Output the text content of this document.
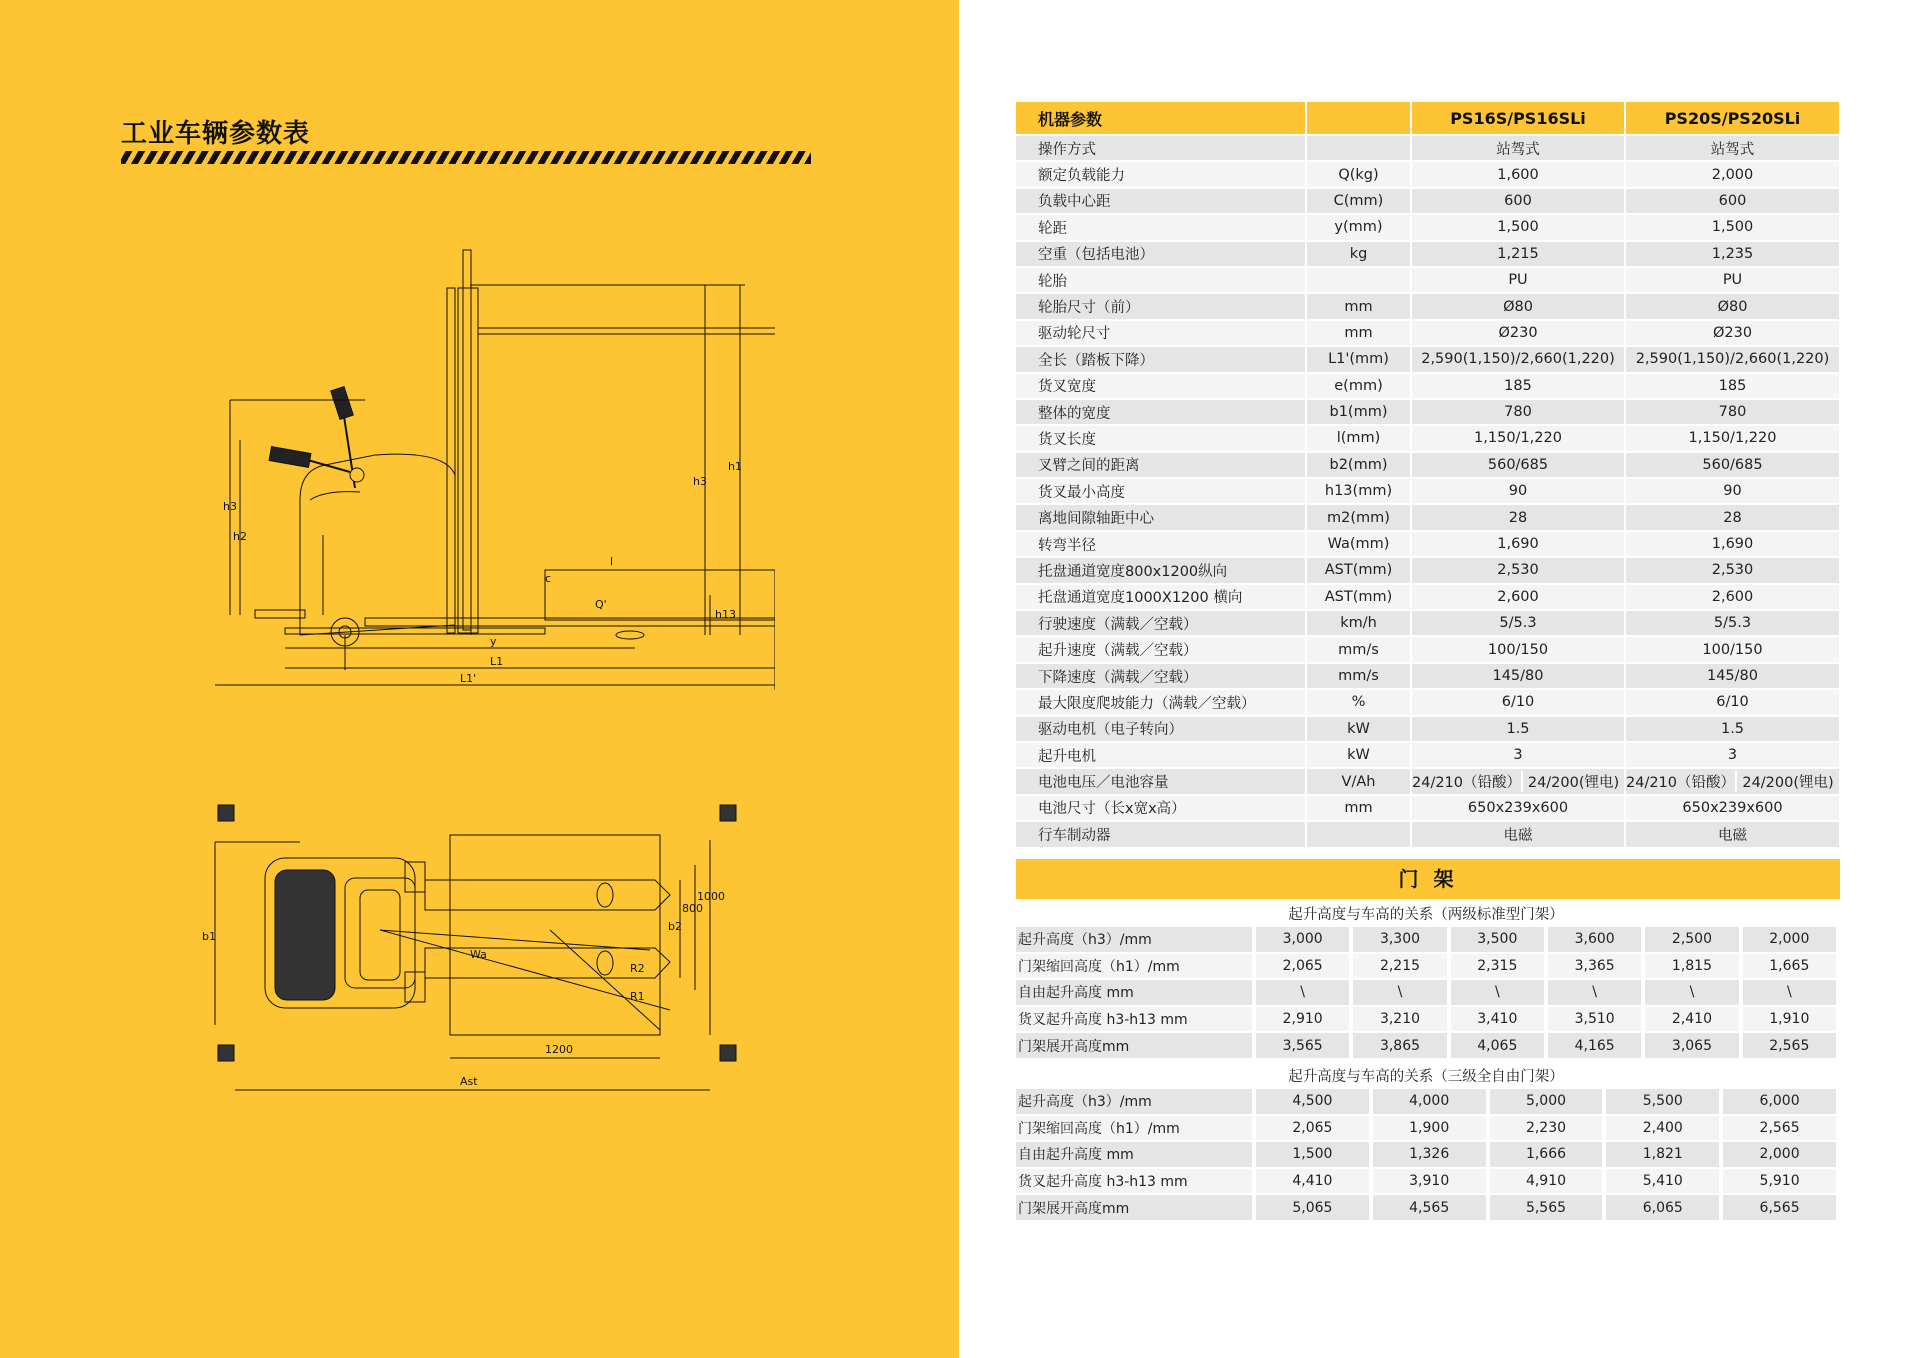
工业车辆参数表
h3
h2
h1
h3
c
l
Q'
h13
y
L1
L1'
b1
Wa
R2
R1
b2
800
1000
1200
Ast
机器参数		PS16S/PS16SLi	PS20S/PS20SLi
操作方式		站驾式	站驾式
额定负载能力	Q(kg)	1,600	2,000
负载中心距	C(mm)	600	600
轮距	y(mm)	1,500	1,500
空重（包括电池）	kg	1,215	1,235
轮胎		PU	PU
轮胎尺寸（前）	mm	Ø80	Ø80
驱动轮尺寸	mm	Ø230	Ø230
全长（踏板下降）	L1'(mm)	2,590(1,150)/2,660(1,220)	2,590(1,150)/2,660(1,220)
货叉宽度	e(mm)	185	185
整体的宽度	b1(mm)	780	780
货叉长度	l(mm)	1,150/1,220	1,150/1,220
叉臂之间的距离	b2(mm)	560/685	560/685
货叉最小高度	h13(mm)	90	90
离地间隙轴距中心	m2(mm)	28	28
转弯半径	Wa(mm)	1,690	1,690
托盘通道宽度800x1200纵向	AST(mm)	2,530	2,530
托盘通道宽度1000X1200 横向	AST(mm)	2,600	2,600
行驶速度（满载／空载）	km/h	5/5.3	5/5.3
起升速度（满载／空载）	mm/s	100/150	100/150
下降速度（满载／空载）	mm/s	145/80	145/80
最大限度爬坡能力（满载／空载）	%	6/10	6/10
驱动电机（电子转向）	kW	1.5	1.5
起升电机	kW	3	3
电池电压／电池容量	V/Ah	24/210（铅酸） 24/200(锂电)	24/210（铅酸） 24/200(锂电)

电池尺寸（长x宽x高）	mm	650x239x600	650x239x600
行车制动器		电磁	电磁
门 架
起升高度与车高的关系（两级标准型门架）						
起升高度（h3）/mm	3,000	3,300	3,500	3,600	2,500	2,000
门架缩回高度（h1）/mm	2,065	2,215	2,315	3,365	1,815	1,665
自由起升高度 mm	\	\	\	\	\	\
货叉起升高度 h3-h13 mm	2,910	3,210	3,410	3,510	2,410	1,910
门架展开高度mm	3,565	3,865	4,065	4,165	3,065	2,565
起升高度与车高的关系（三级全自由门架）					
起升高度（h3）/mm	4,500	4,000	5,000	5,500	6,000
门架缩回高度（h1）/mm	2,065	1,900	2,230	2,400	2,565
自由起升高度 mm	1,500	1,326	1,666	1,821	2,000
货叉起升高度 h3-h13 mm	4,410	3,910	4,910	5,410	5,910
门架展开高度mm	5,065	4,565	5,565	6,065	6,565
